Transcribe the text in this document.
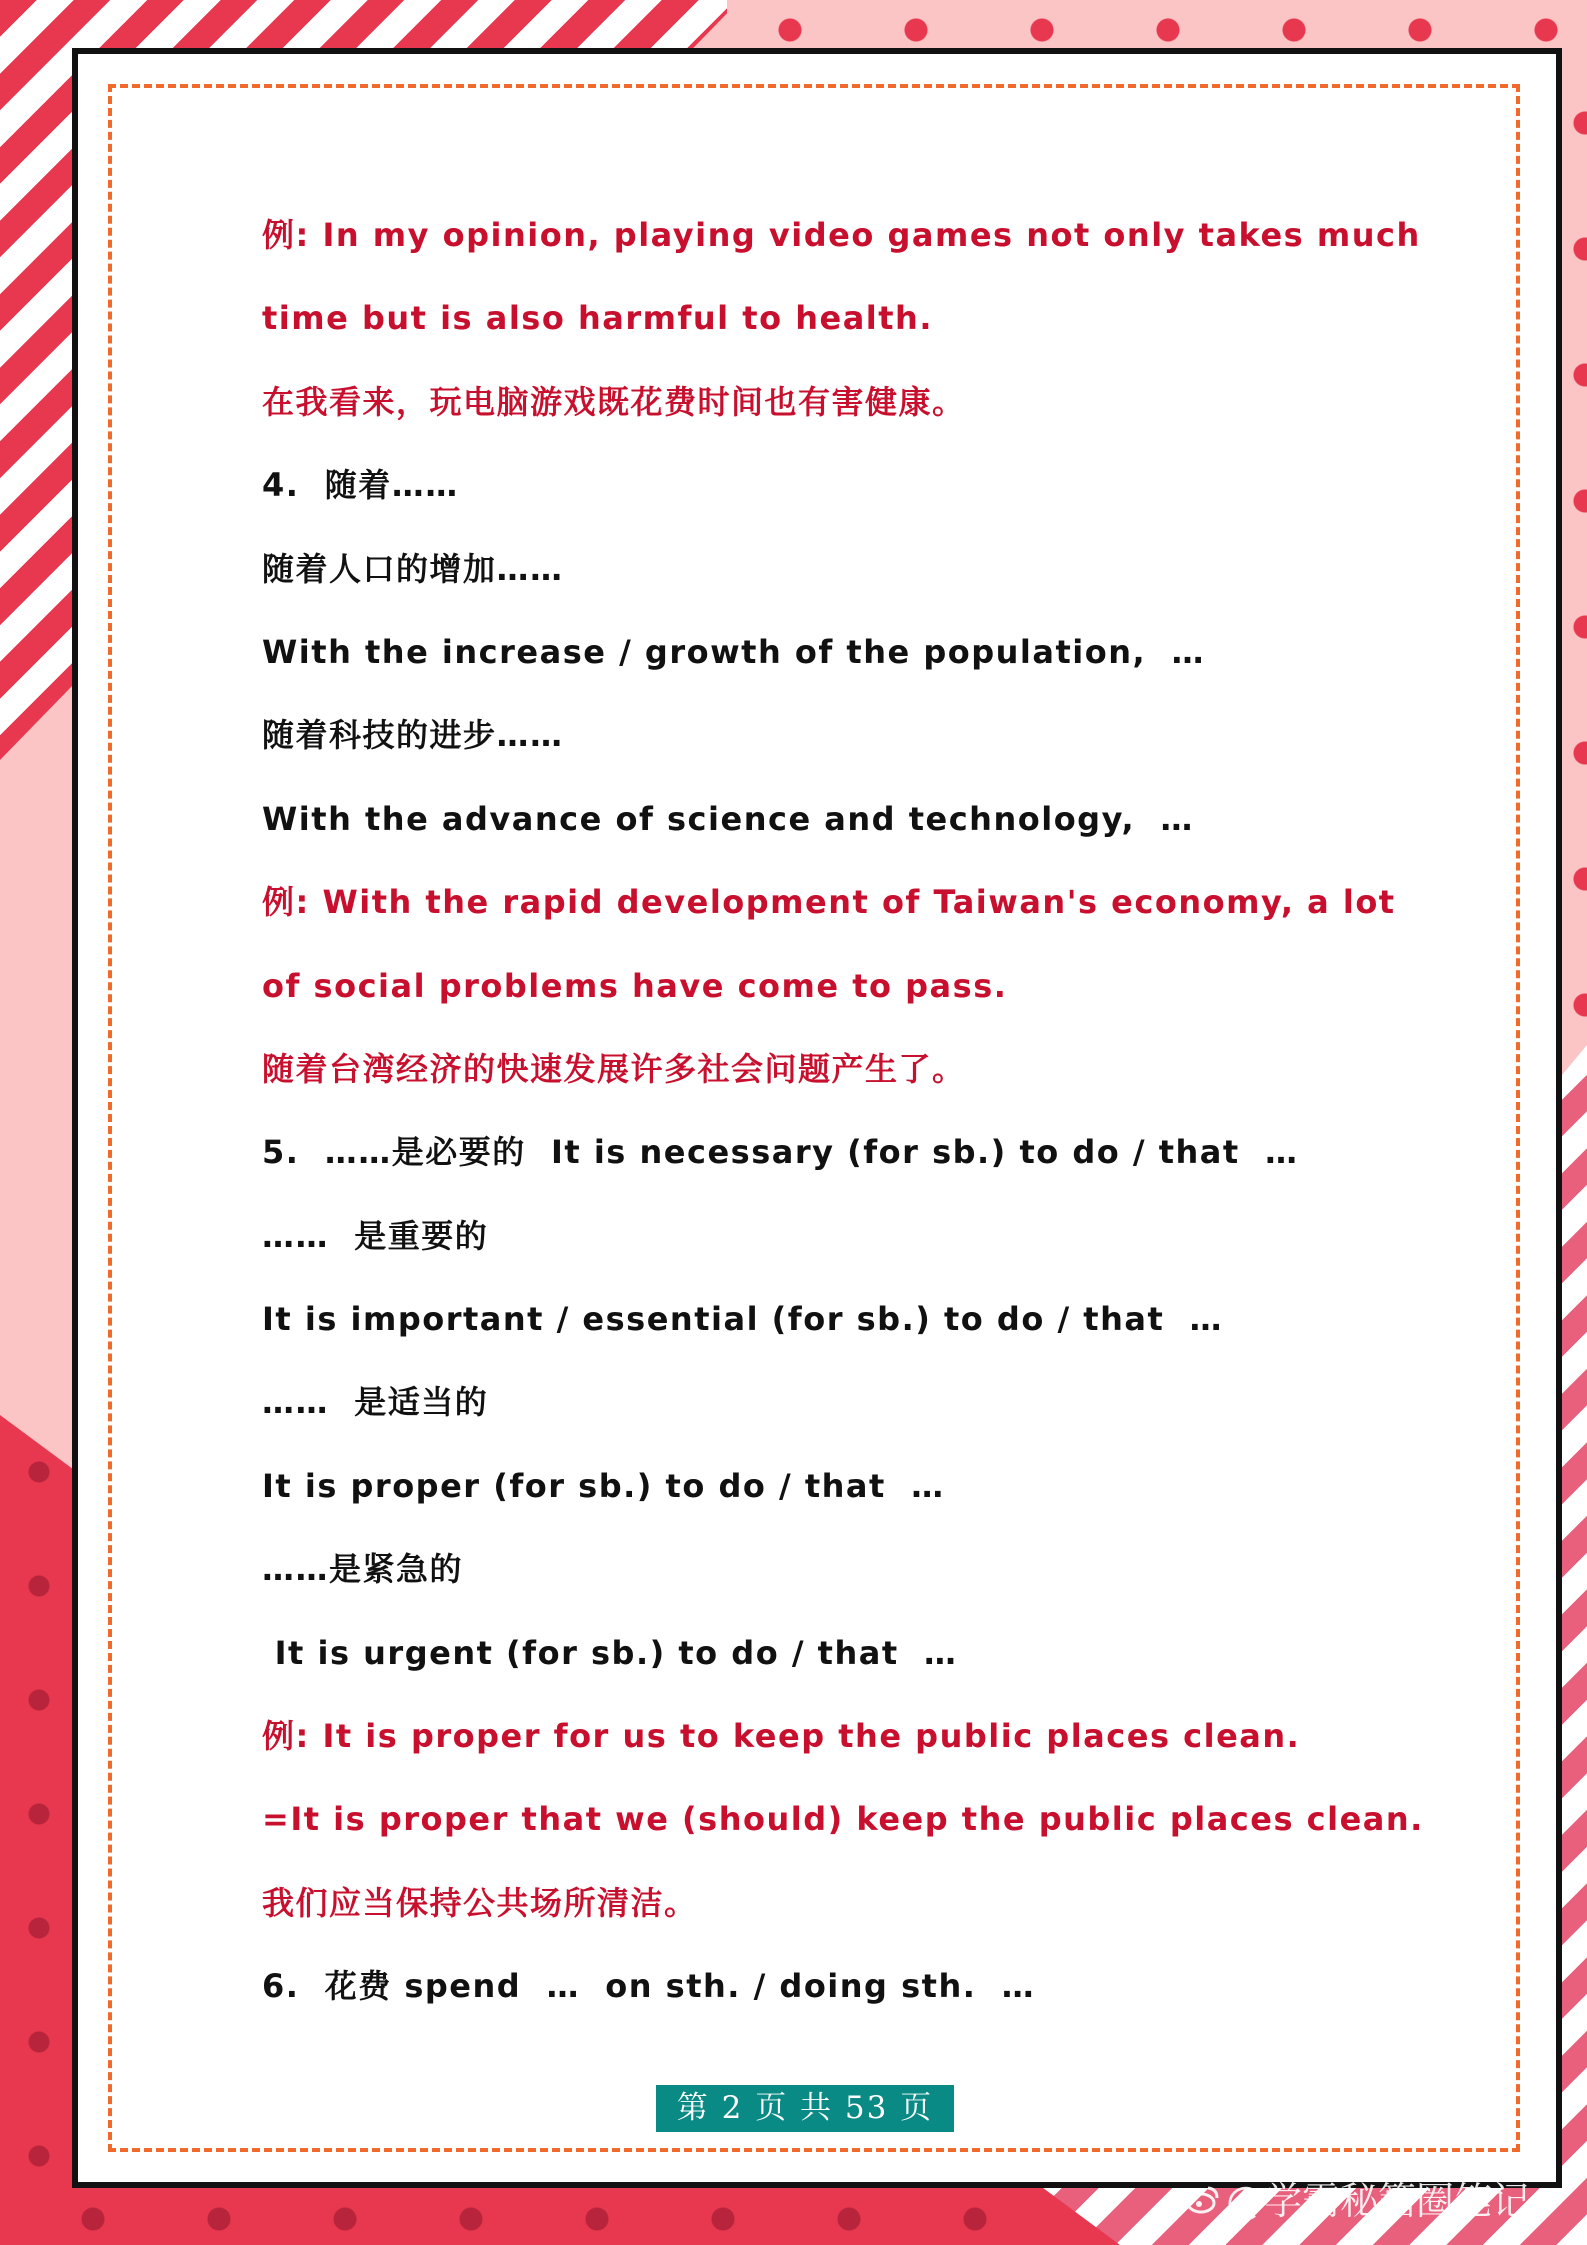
例: In my opinion, playing video games not only takes much
time but is also harmful to health.
在我看来，玩电脑游戏既花费时间也有害健康。
4.  随着……
随着人口的增加……
With the increase / growth of the population,  …
随着科技的进步……
With the advance of science and technology,  …
例: With the rapid development of Taiwan's economy, a lot
of social problems have come to pass.
随着台湾经济的快速发展许多社会问题产生了。
5.  ……是必要的  It is necessary (for sb.) to do / that  …
……  是重要的
It is important / essential (for sb.) to do / that  …
……  是适当的
It is proper (for sb.) to do / that  …
……是紧急的
It is urgent (for sb.) to do / that  …
例: It is proper for us to keep the public places clean.
=It is proper that we (should) keep the public places clean.
我们应当保持公共场所清洁。
6.  花费 spend  …  on sth. / doing sth.  …
第 2 页 共 53 页
@学霸秘籍圈笔记
